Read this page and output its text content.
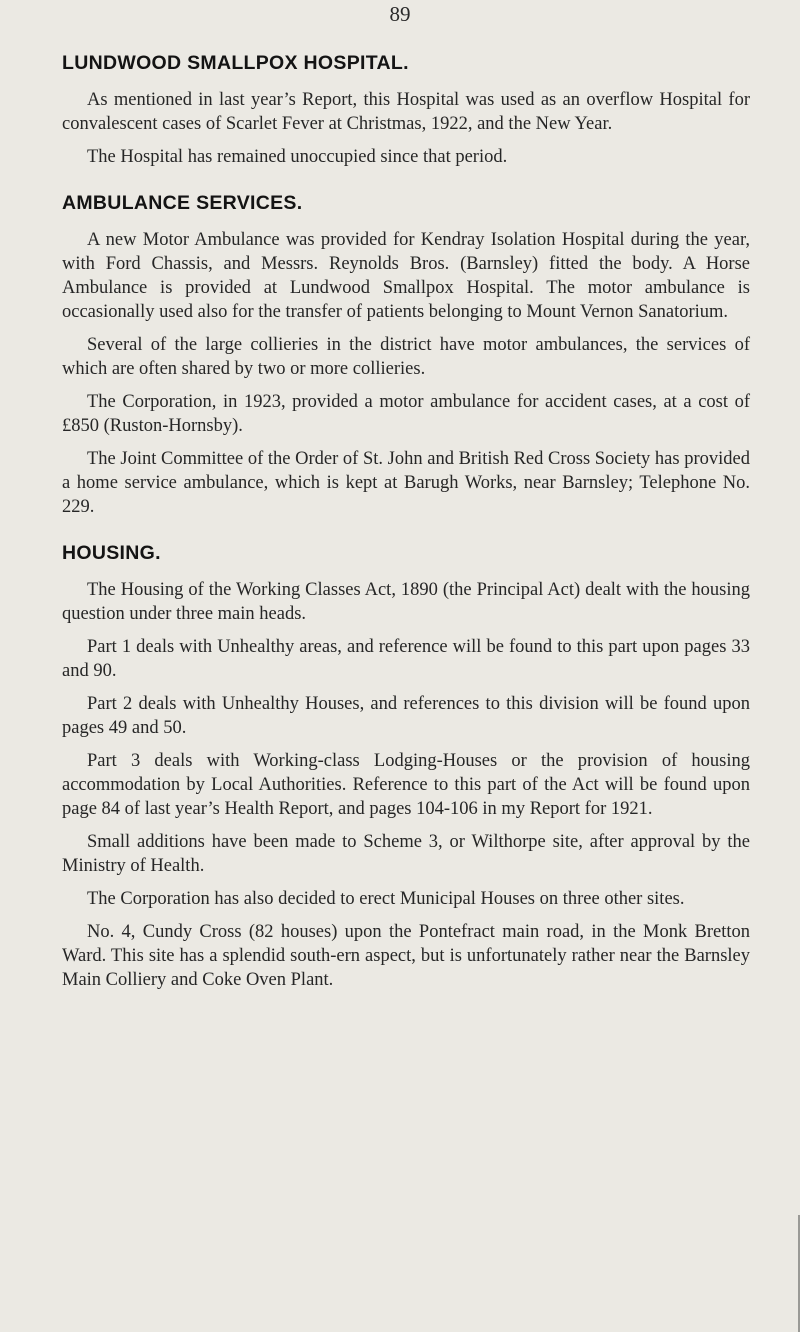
89
LUNDWOOD SMALLPOX HOSPITAL.

As mentioned in last year’s Report, this Hospital was used as an overflow Hospital for convalescent cases of Scarlet Fever at Christmas, 1922, and the New Year.

The Hospital has remained unoccupied since that period.

AMBULANCE SERVICES.

A new Motor Ambulance was provided for Kendray Isolation Hospital during the year, with Ford Chassis, and Messrs. Reynolds Bros. (Barnsley) fitted the body. A Horse Ambulance is provided at Lundwood Smallpox Hospital. The motor ambulance is occasionally used also for the transfer of patients belonging to Mount Vernon Sanatorium.

Several of the large collieries in the district have motor ambulances, the services of which are often shared by two or more collieries.

The Corporation, in 1923, provided a motor ambulance for accident cases, at a cost of £850 (Ruston-Hornsby).

The Joint Committee of the Order of St. John and British Red Cross Society has provided a home service ambulance, which is kept at Barugh Works, near Barnsley; Telephone No. 229.

HOUSING.

The Housing of the Working Classes Act, 1890 (the Principal Act) dealt with the housing question under three main heads.

Part 1 deals with Unhealthy areas, and reference will be found to this part upon pages 33 and 90.

Part 2 deals with Unhealthy Houses, and references to this division will be found upon pages 49 and 50.

Part 3 deals with Working-class Lodging-Houses or the provision of housing accommodation by Local Authorities. Reference to this part of the Act will be found upon page 84 of last year’s Health Report, and pages 104-106 in my Report for 1921.

Small additions have been made to Scheme 3, or Wilthorpe site, after approval by the Ministry of Health.

The Corporation has also decided to erect Municipal Houses on three other sites.

No. 4, Cundy Cross (82 houses) upon the Pontefract main road, in the Monk Bretton Ward. This site has a splendid south-ern aspect, but is unfortunately rather near the Barnsley Main Colliery and Coke Oven Plant.
